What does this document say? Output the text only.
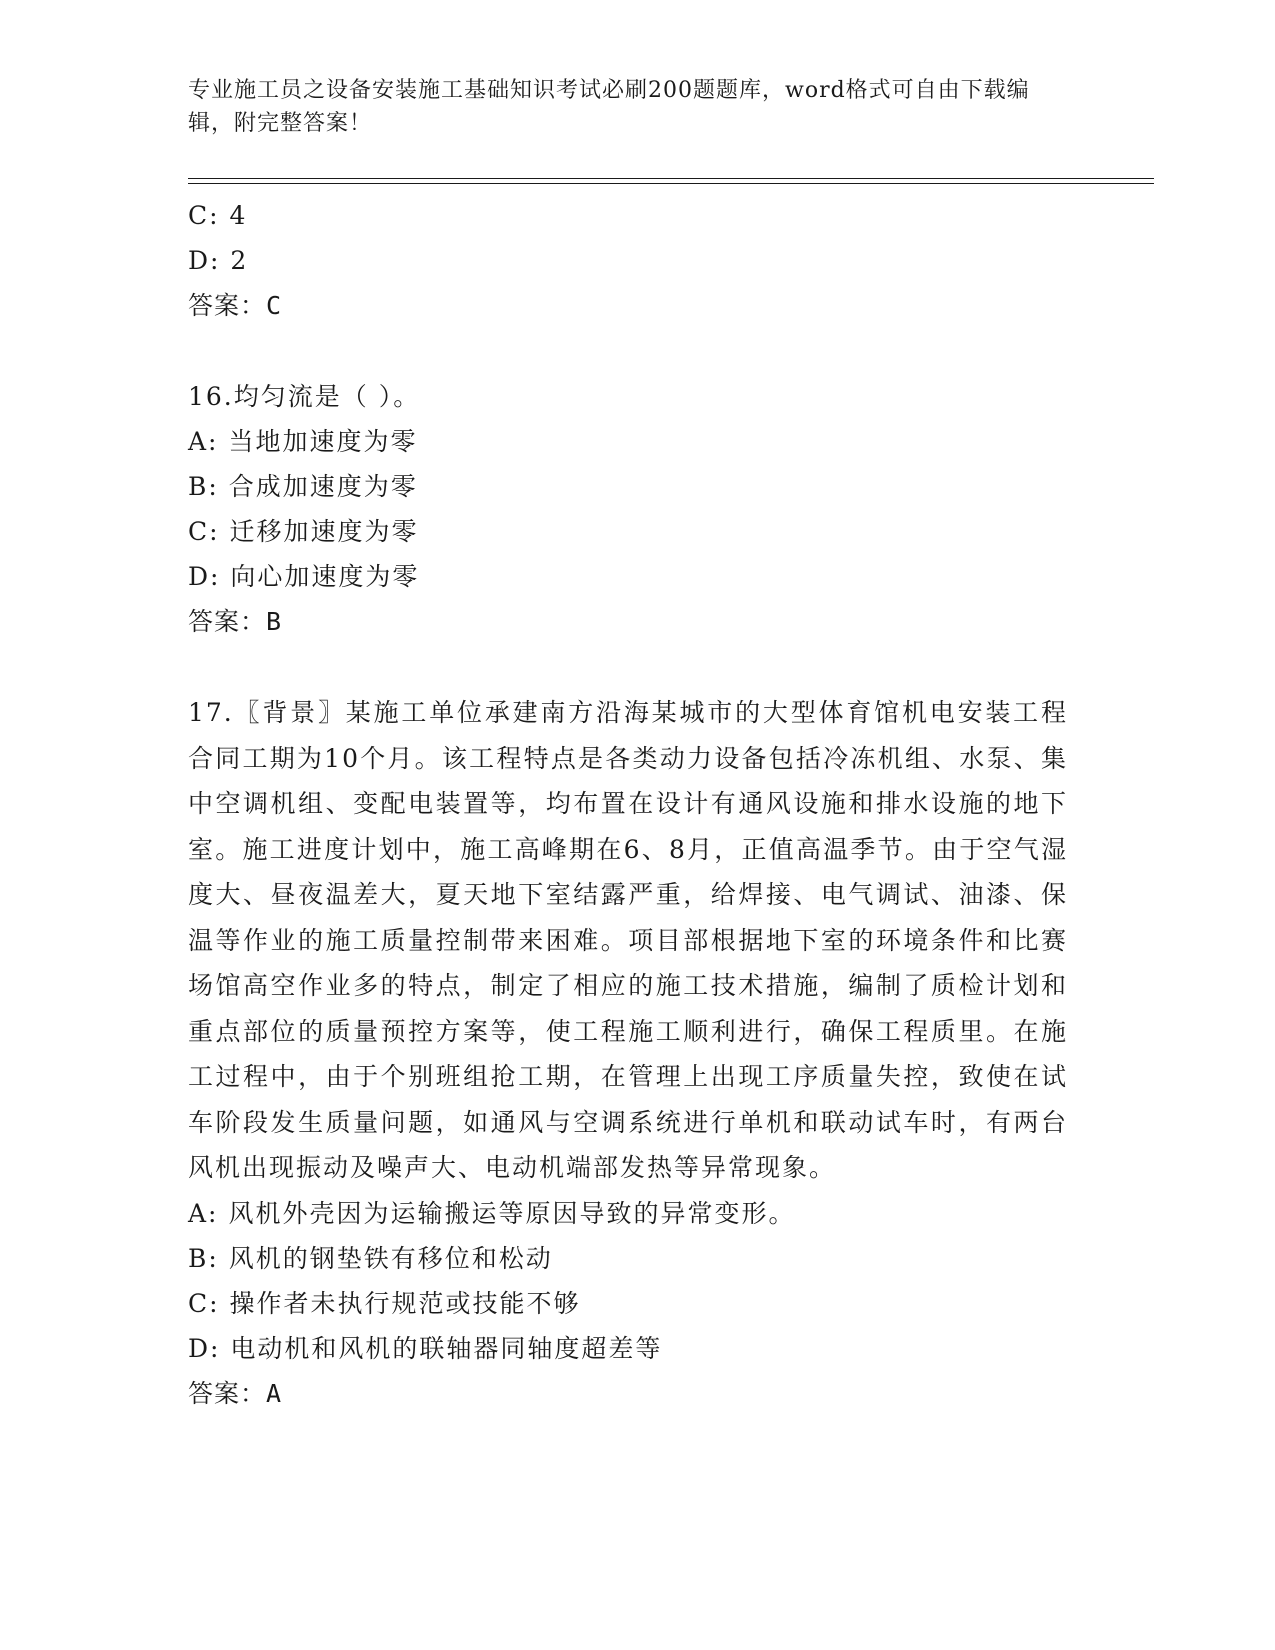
专业施工员之设备安装施工基础知识考试必刷200题题库，word格式可自由下载编辑，附完整答案！
C: 4
D: 2
答案：C
16.均匀流是（ ）。
A: 当地加速度为零
B: 合成加速度为零
C: 迁移加速度为零
D: 向心加速度为零
答案：B
17.〖背景〗某施工单位承建南方沿海某城市的大型体育馆机电安装工程合同工期为10个月。该工程特点是各类动力设备包括冷冻机组、水泵、集中空调机组、变配电装置等，均布置在设计有通风设施和排水设施的地下室。施工进度计划中，施工高峰期在6、8月，正值高温季节。由于空气湿度大、昼夜温差大，夏天地下室结露严重，给焊接、电气调试、油漆、保温等作业的施工质量控制带来困难。项目部根据地下室的环境条件和比赛场馆高空作业多的特点，制定了相应的施工技术措施，编制了质检计划和重点部位的质量预控方案等，使工程施工顺利进行，确保工程质里。在施工过程中，由于个别班组抢工期，在管理上出现工序质量失控，致使在试车阶段发生质量问题，如通风与空调系统进行单机和联动试车时，有两台风机出现振动及噪声大、电动机端部发热等异常现象。
A: 风机外壳因为运输搬运等原因导致的异常变形。
B: 风机的钢垫铁有移位和松动
C: 操作者未执行规范或技能不够
D: 电动机和风机的联轴器同轴度超差等
答案：A
